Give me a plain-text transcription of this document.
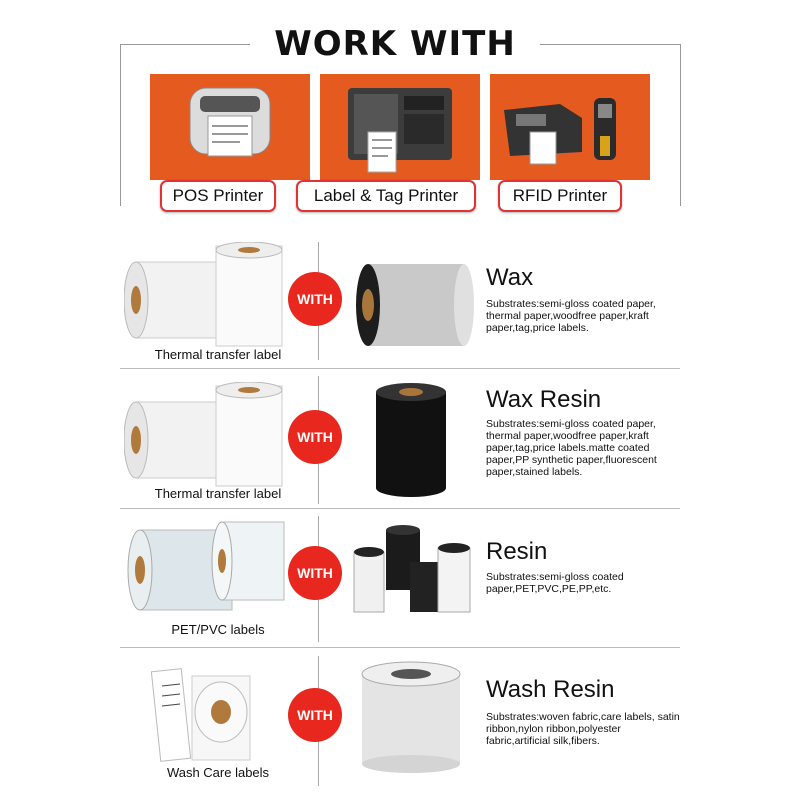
WORK WITH
POS Printer	Label & Tag Printer	RFID Printer
Thermal transfer label
WITH
Wax
Substrates:semi-gloss coated paper, thermal paper,woodfree paper,kraft paper,tag,price labels.
Thermal transfer label
WITH
Wax Resin
Substrates:semi-gloss coated paper, thermal paper,woodfree paper,kraft paper,tag,price labels.matte coated paper,PP synthetic paper,fluorescent paper,stained labels.
PET/PVC labels
WITH
Resin
Substrates:semi-gloss coated paper,PET,PVC,PE,PP,etc.
Wash Care labels
WITH
Wash Resin
Substrates:woven fabric,care labels, satin ribbon,nylon ribbon,polyester fabric,artificial silk,fibers.
